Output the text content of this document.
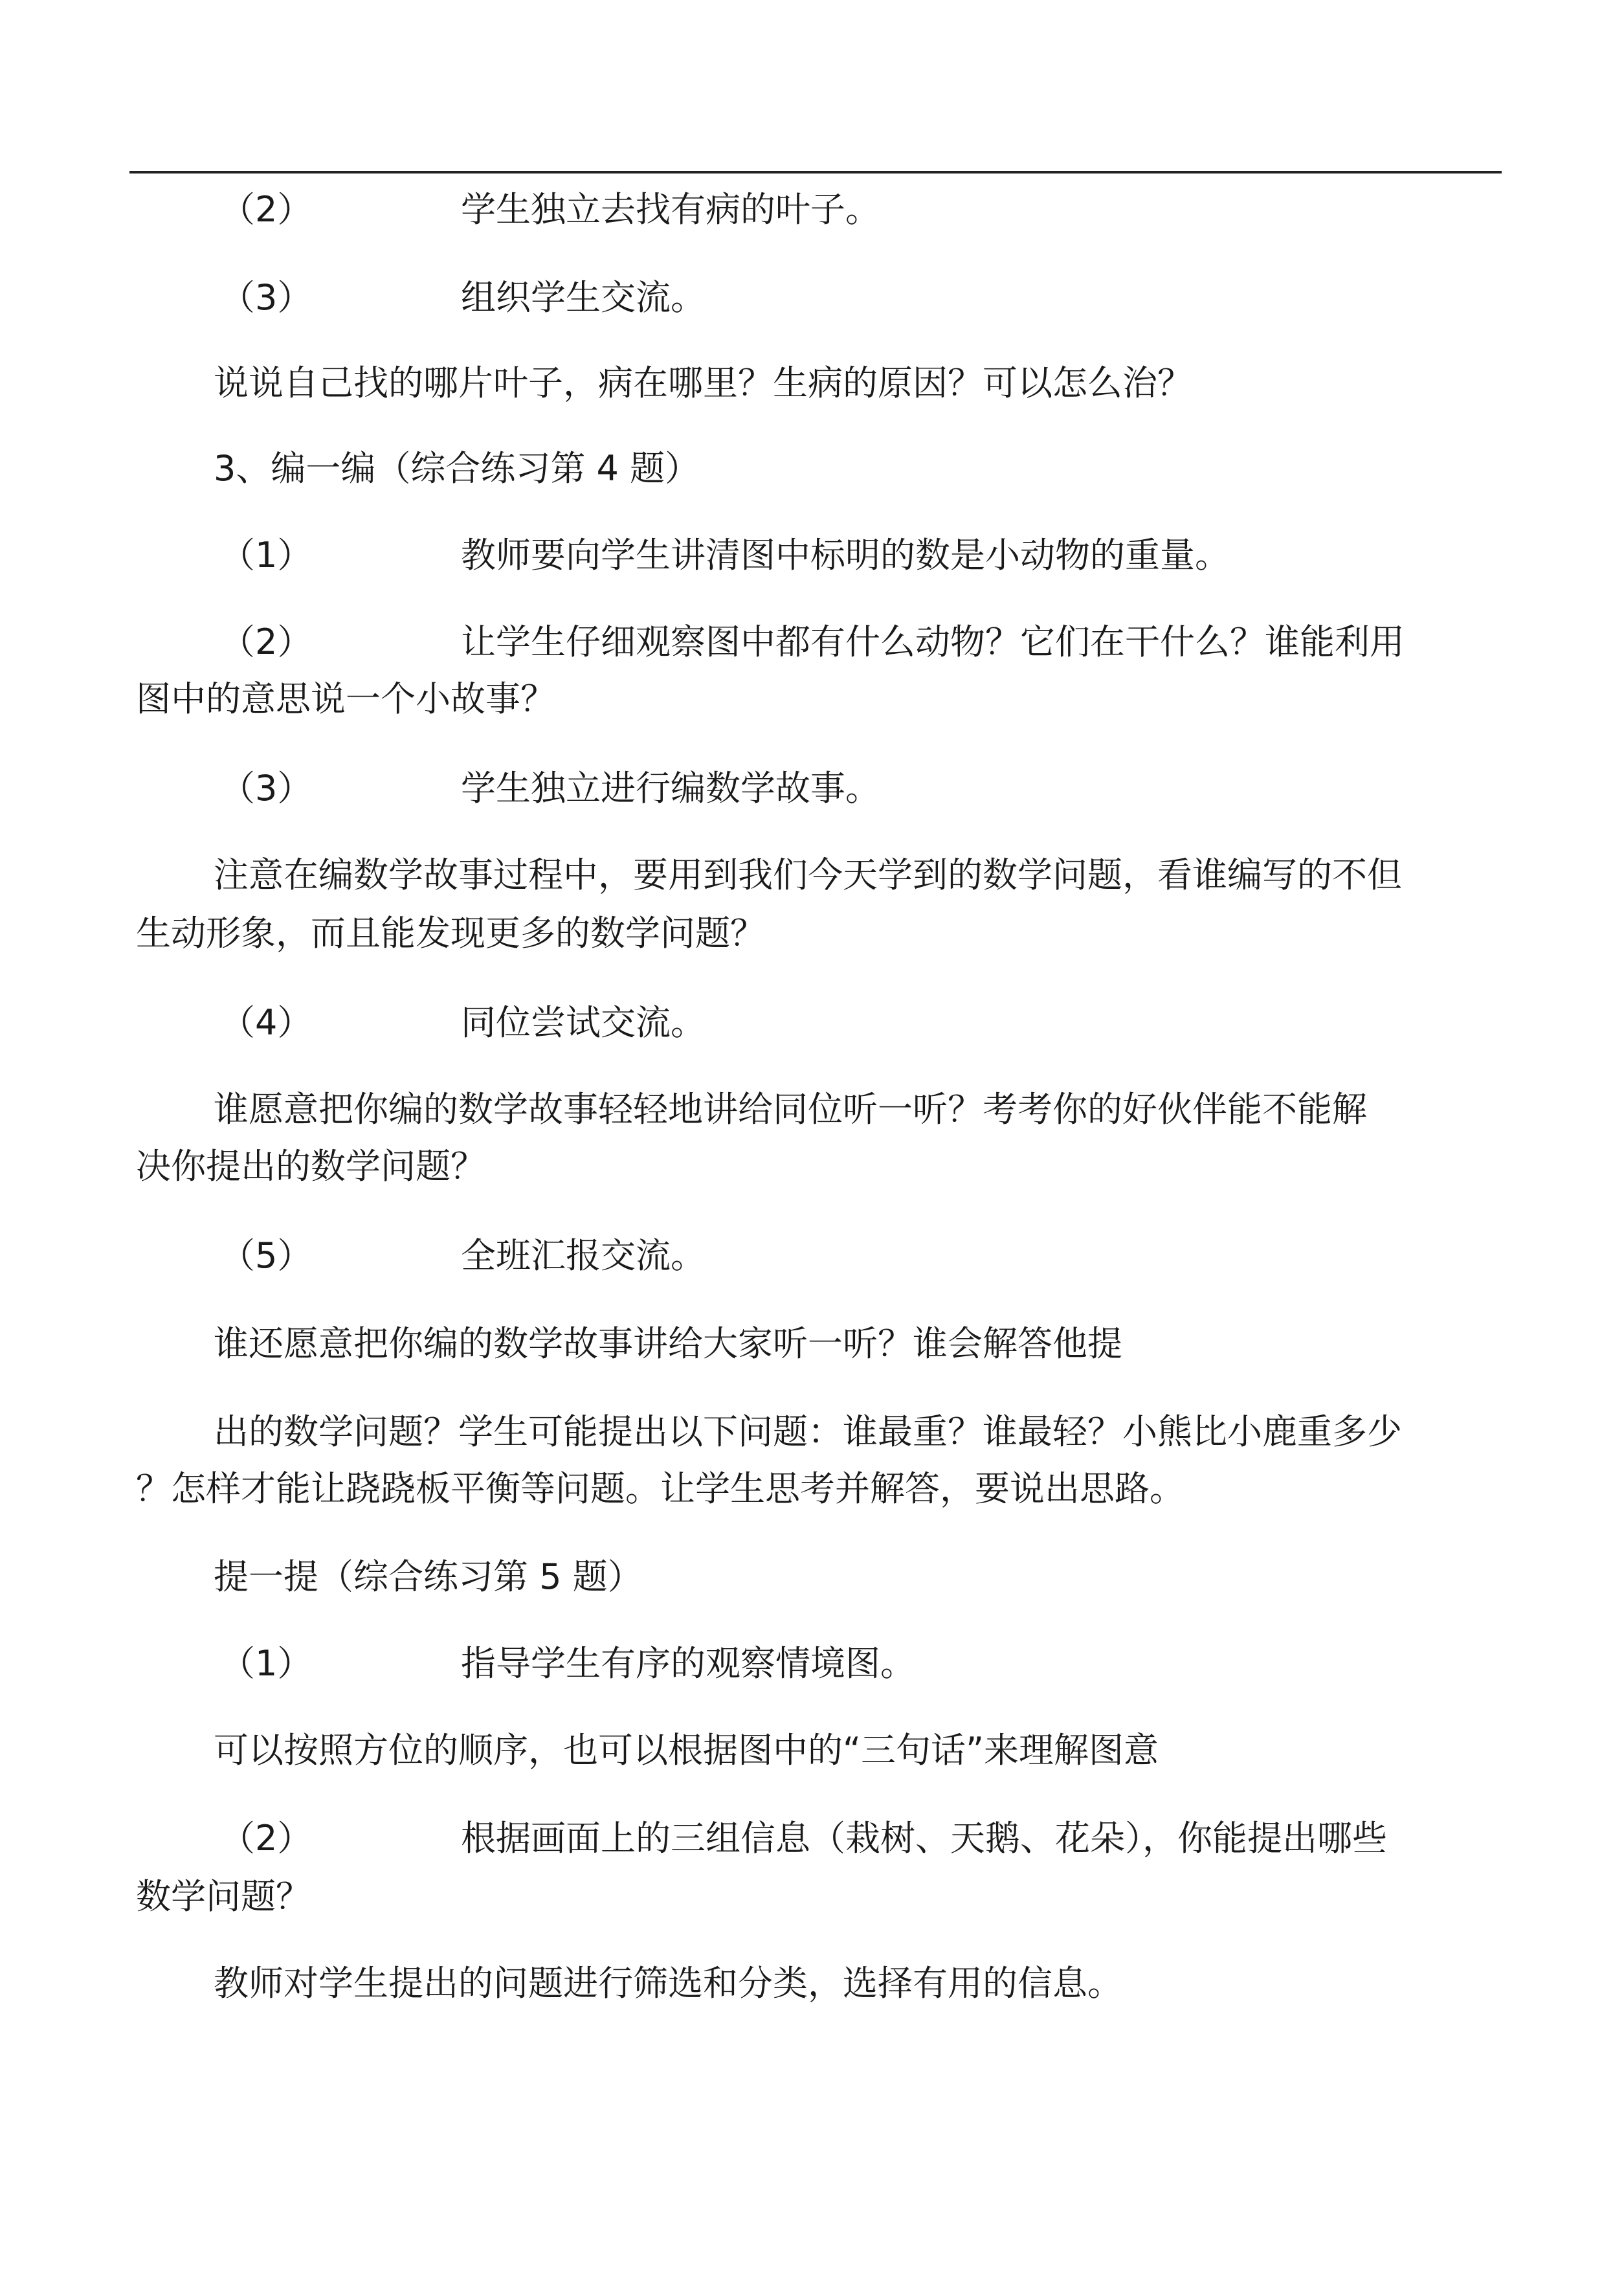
（2）	学生独立去找有病的叶子。
（3）	组织学生交流。
说说自己找的哪片叶子，病在哪里？生病的原因？可以怎么治？
3、编一编（综合练习第 4 题）
（1）	教师要向学生讲清图中标明的数是小动物的重量。
（2）	让学生仔细观察图中都有什么动物？它们在干什么？谁能利用
图中的意思说一个小故事？
（3）	学生独立进行编数学故事。
注意在编数学故事过程中，要用到我们今天学到的数学问题，看谁编写的不但
生动形象，而且能发现更多的数学问题？
（4）	同位尝试交流。
谁愿意把你编的数学故事轻轻地讲给同位听一听？考考你的好伙伴能不能解
决你提出的数学问题？
（5）	全班汇报交流。
谁还愿意把你编的数学故事讲给大家听一听？谁会解答他提
出的数学问题？学生可能提出以下问题：谁最重？谁最轻？小熊比小鹿重多少
？怎样才能让跷跷板平衡等问题。让学生思考并解答，要说出思路。
提一提（综合练习第 5 题）
（1）	指导学生有序的观察情境图。
可以按照方位的顺序，也可以根据图中的“三句话”来理解图意
（2）	根据画面上的三组信息（栽树、天鹅、花朵），你能提出哪些
数学问题？
教师对学生提出的问题进行筛选和分类，选择有用的信息。
